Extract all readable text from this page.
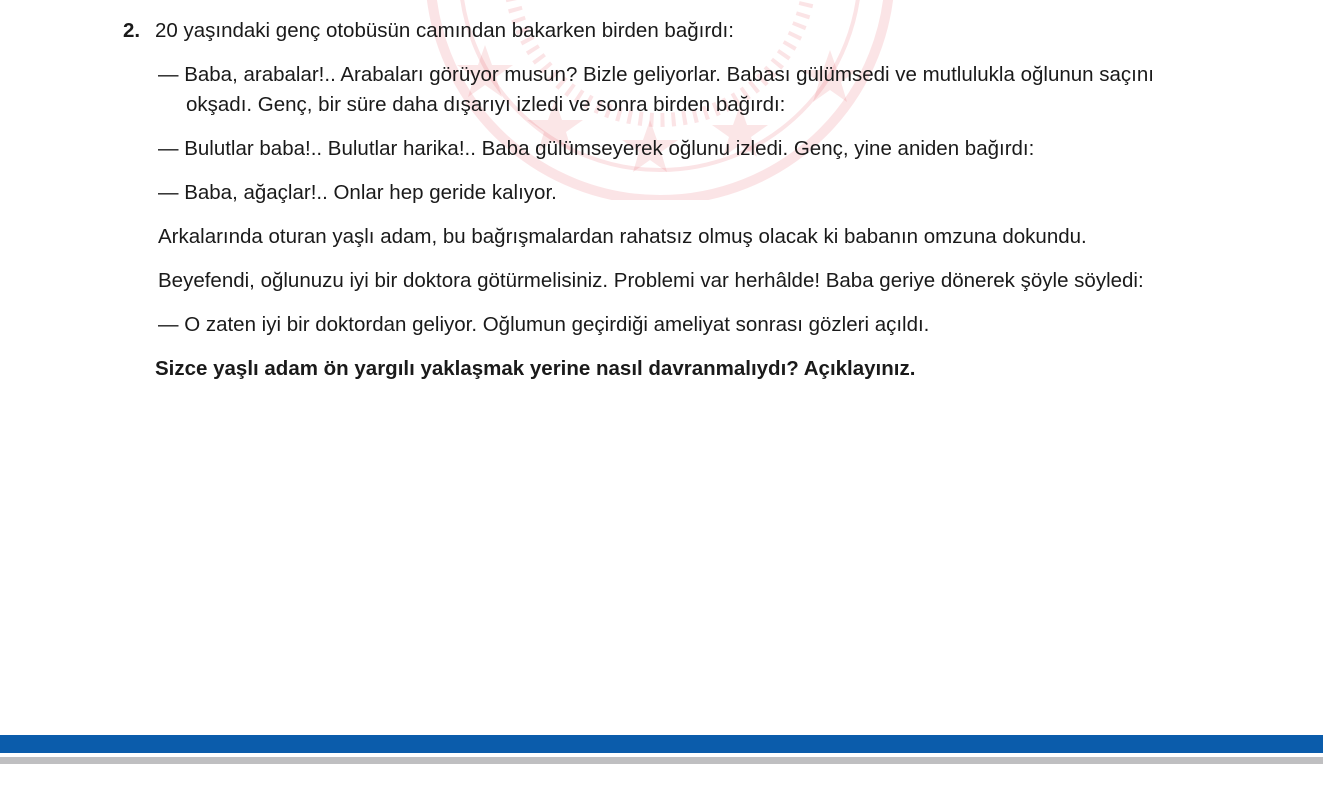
2. 20 yaşındaki genç otobüsün camından bakarken birden bağırdı:
— Baba, arabalar!.. Arabaları görüyor musun? Bizle geliyorlar. Babası gülümsedi ve mutlulukla oğlunun saçını okşadı. Genç, bir süre daha dışarıyı izledi ve sonra birden bağırdı:
— Bulutlar baba!.. Bulutlar harika!.. Baba gülümseyerek oğlunu izledi. Genç, yine aniden bağırdı:
— Baba, ağaçlar!.. Onlar hep geride kalıyor.
Arkalarında oturan yaşlı adam, bu bağrışmalardan rahatsız olmuş olacak ki babanın omzuna dokundu.
Beyefendi, oğlunuzu iyi bir doktora götürmelisiniz. Problemi var herhâlde! Baba geriye dönerek şöyle söyledi:
— O zaten iyi bir doktordan geliyor. Oğlumun geçirdiği ameliyat sonrası gözleri açıldı.
Sizce yaşlı adam ön yargılı yaklaşmak yerine nasıl davranmalıydı? Açıklayınız.
